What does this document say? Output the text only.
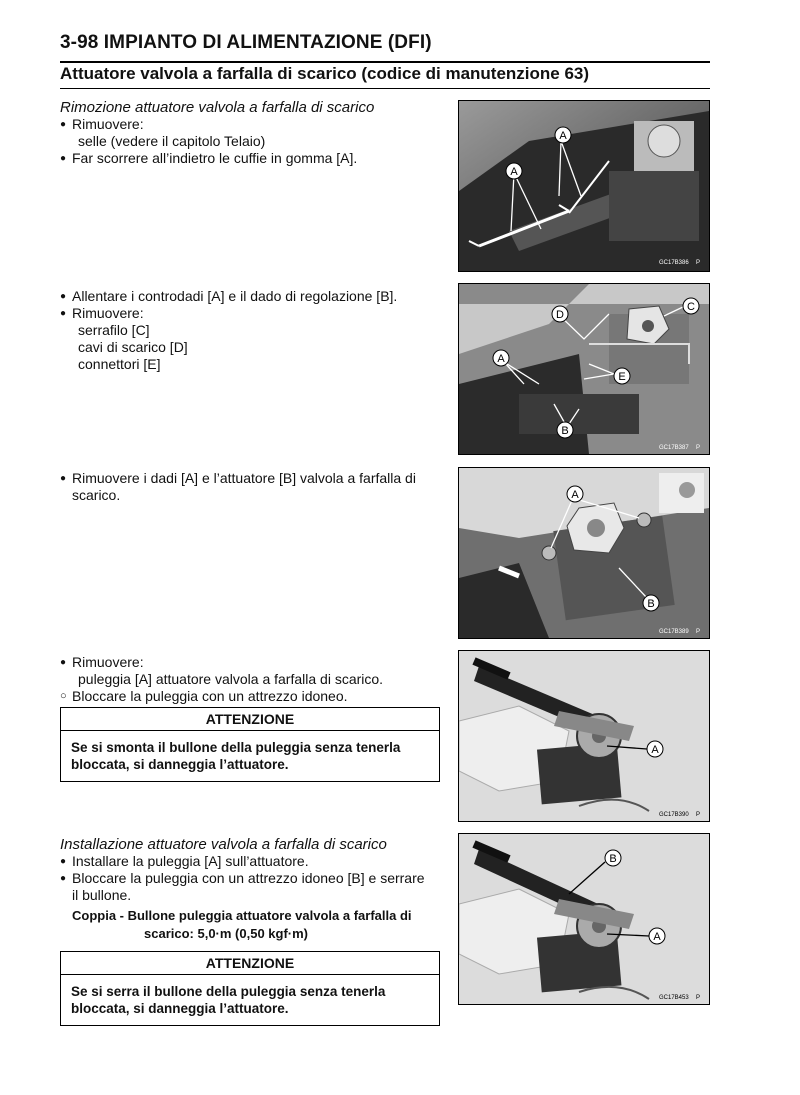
3-98 IMPIANTO DI ALIMENTAZIONE (DFI)
Attuatore valvola a farfalla di scarico (codice di manutenzione 63)
Rimozione attuatore valvola a farfalla di scarico
● Rimuovere:
selle (vedere il capitolo Telaio)
● Far scorrere all’indietro le cuffie in gomma [A].
● Allentare i controdadi [A] e il dado di regolazione [B].
● Rimuovere:
serrafilo [C]
cavi di scarico [D]
connettori [E]
● Rimuovere i dadi [A] e l’attuatore [B] valvola a farfalla di
scarico.
● Rimuovere:
puleggia [A] attuatore valvola a farfalla di scarico.
○ Bloccare la puleggia con un attrezzo idoneo.
ATTENZIONE
Se si smonta il bullone della puleggia senza tenerla
bloccata, si danneggia l’attuatore.
Installazione attuatore valvola a farfalla di scarico
● Installare la puleggia [A] sull’attuatore.
● Bloccare la puleggia con un attrezzo idoneo [B] e serrare
il bullone.
Coppia - Bullone puleggia attuatore valvola a farfalla di
scarico: 5,0·m (0,50 kgf·m)
ATTENZIONE
Se si serra il bullone della puleggia senza tenerla
bloccata, si danneggia l’attuatore.
A
A
GC17B386 P
D
C
A
E
B
GC17B387 P
A
B
GC17B389 P
A
GC17B390 P
B
A
GC17B453 P
